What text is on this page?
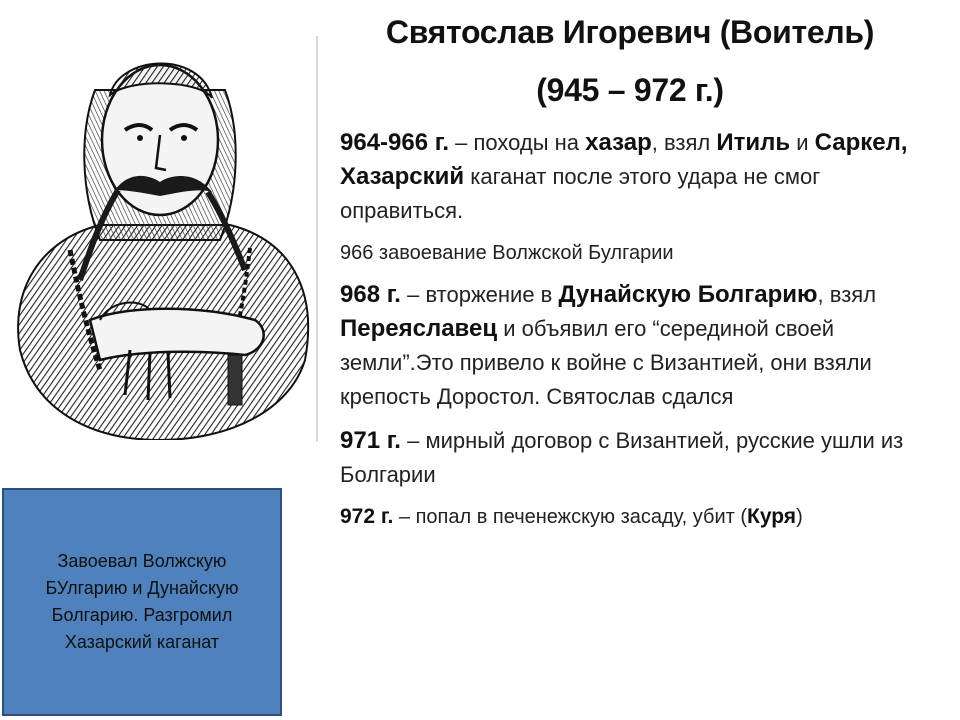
Святослав Игоревич (Воитель)
(945 – 972 г.)
964-966 г. – походы на хазар, взял Итиль и Саркел, Хазарский каганат после этого удара не смог оправиться.
966 завоевание Волжской Булгарии
968 г. – вторжение в Дунайскую Болгарию, взял Переяславец и объявил его “серединой своей земли”.Это привело к войне с Византией, они взяли крепость Доростол. Святослав сдался
971 г. – мирный договор с Византией, русские ушли из Болгарии
972 г. – попал в печенежскую засаду, убит (Куря)
Завоевал Волжскую
БУлгарию и Дунайскую
Болгарию. Разгромил
Хазарский каганат
